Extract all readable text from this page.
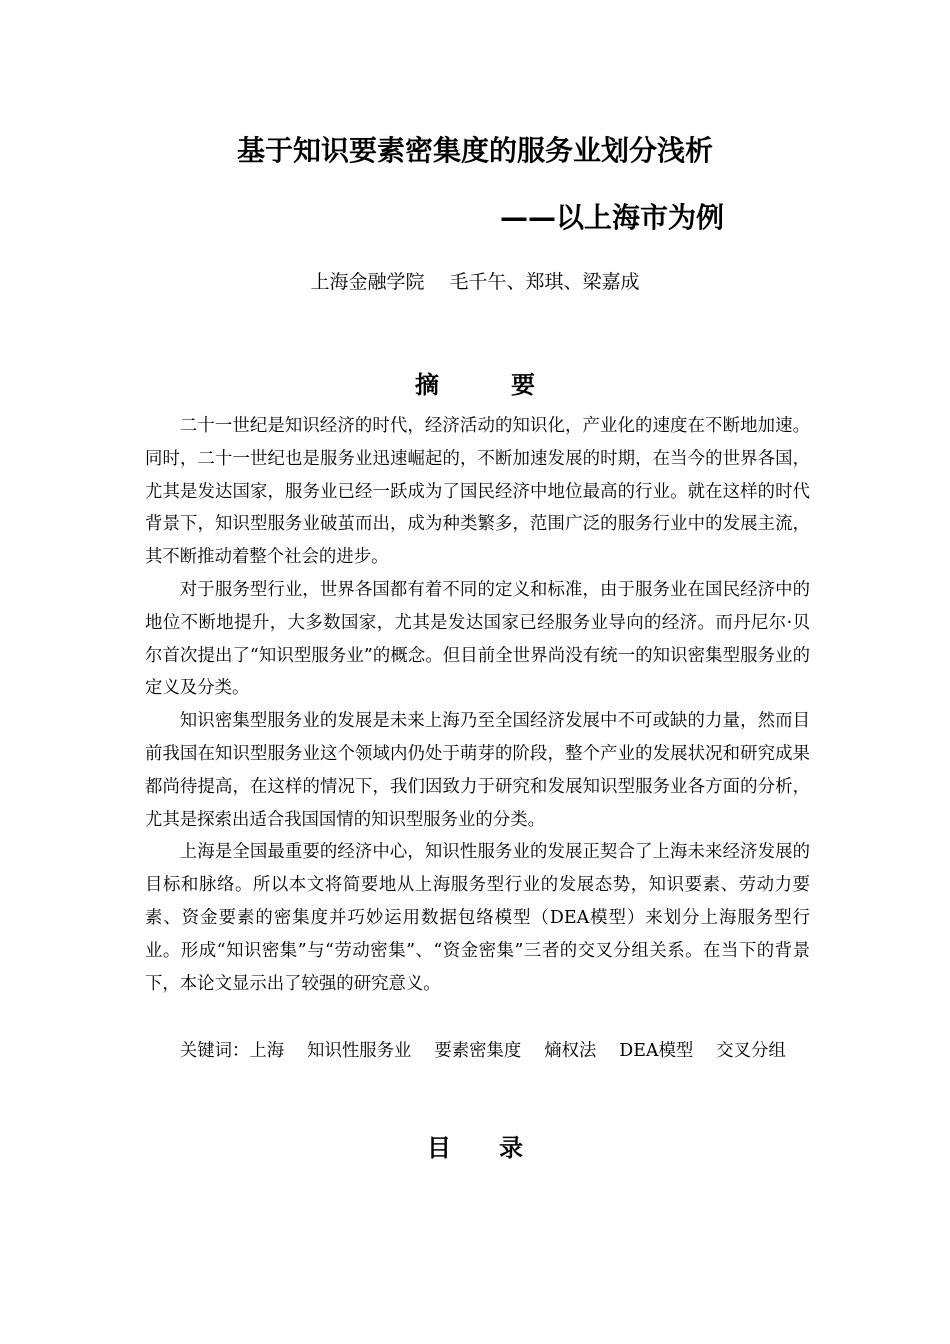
基于知识要素密集度的服务业划分浅析
——以上海市为例
上海金融学院　 毛千午、郑琪、梁嘉成
摘　　　要

二十一世纪是知识经济的时代，经济活动的知识化，产业化的速度在不断地加速。同时，二十一世纪也是服务业迅速崛起的，不断加速发展的时期，在当今的世界各国，尤其是发达国家，服务业已经一跃成为了国民经济中地位最高的行业。就在这样的时代背景下，知识型服务业破茧而出，成为种类繁多，范围广泛的服务行业中的发展主流，其不断推动着整个社会的进步。

对于服务型行业，世界各国都有着不同的定义和标准，由于服务业在国民经济中的地位不断地提升，大多数国家，尤其是发达国家已经服务业导向的经济。而丹尼尔·贝尔首次提出了“知识型服务业”的概念。但目前全世界尚没有统一的知识密集型服务业的定义及分类。

知识密集型服务业的发展是未来上海乃至全国经济发展中不可或缺的力量，然而目前我国在知识型服务业这个领域内仍处于萌芽的阶段，整个产业的发展状况和研究成果都尚待提高，在这样的情况下，我们因致力于研究和发展知识型服务业各方面的分析，尤其是探索出适合我国国情的知识型服务业的分类。

上海是全国最重要的经济中心，知识性服务业的发展正契合了上海未来经济发展的目标和脉络。所以本文将简要地从上海服务型行业的发展态势，知识要素、劳动力要素、资金要素的密集度并巧妙运用数据包络模型（DEA模型）来划分上海服务型行业。形成“知识密集”与“劳动密集”、“资金密集”三者的交叉分组关系。在当下的背景下，本论文显示出了较强的研究意义。

关键词：上海　 知识性服务业　 要素密集度　 熵权法　 DEA模型　 交叉分组
目　　录
